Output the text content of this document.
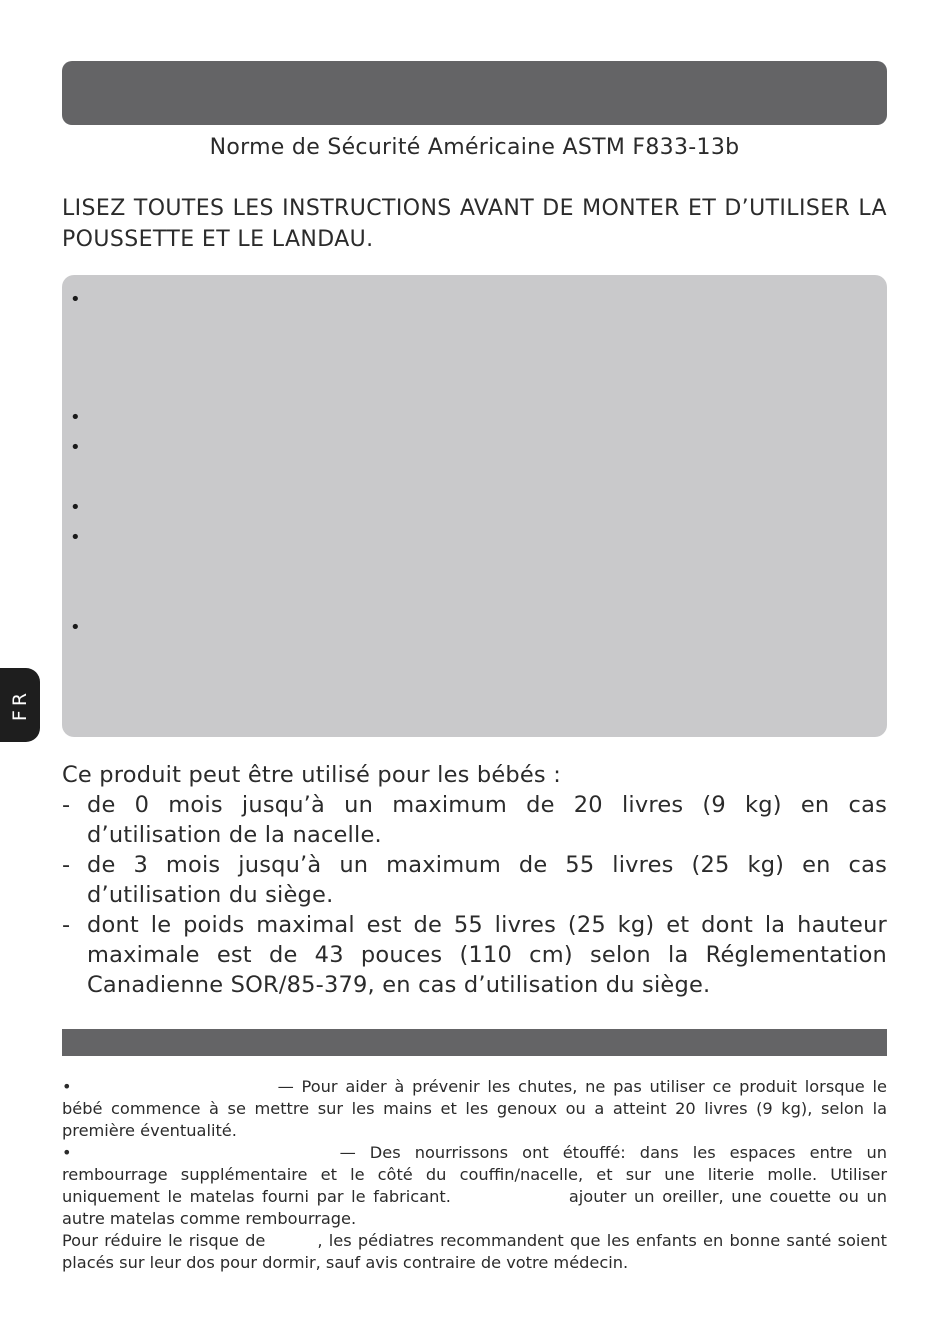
Norme de Sécurité Américaine ASTM F833-13b
LISEZ TOUTES LES INSTRUCTIONS AVANT DE MONTER ET D’UTILISER LA POUSSETTE ET LE LANDAU.
•
•
•
•
•
•
FR

Ce produit peut être utilisé pour les bébés :

- de 0 mois jusqu’à un maximum de 20 livres (9 kg) en cas d’utilisation de la nacelle.
- de 3 mois jusqu’à un maximum de 55 livres (25 kg) en cas d’utilisation du siège.
- dont le poids maximal est de 55 livres (25 kg) et dont la hauteur maximale est de 43 pouces (110 cm) selon la Réglementation Canadienne SOR/85-379, en cas d’utilisation du siège.

•	— Pour aider à prévenir les chutes, ne pas utiliser ce produit lorsque le bébé commence à se mettre sur les mains et les genoux ou a atteint 20 livres (9 kg), selon la première éventualité.

•	— Des nourrissons ont étouffé: dans les espaces entre un rembourrage supplémentaire et le côté du couffin/nacelle, et sur une literie molle. Utiliser uniquement le matelas fourni par le fabricant.	ajouter un oreiller, une couette ou un autre matelas comme rembourrage.

Pour réduire le risque de	, les pédiatres recommandent que les enfants en bonne santé soient placés sur leur dos pour dormir, sauf avis contraire de votre médecin.
